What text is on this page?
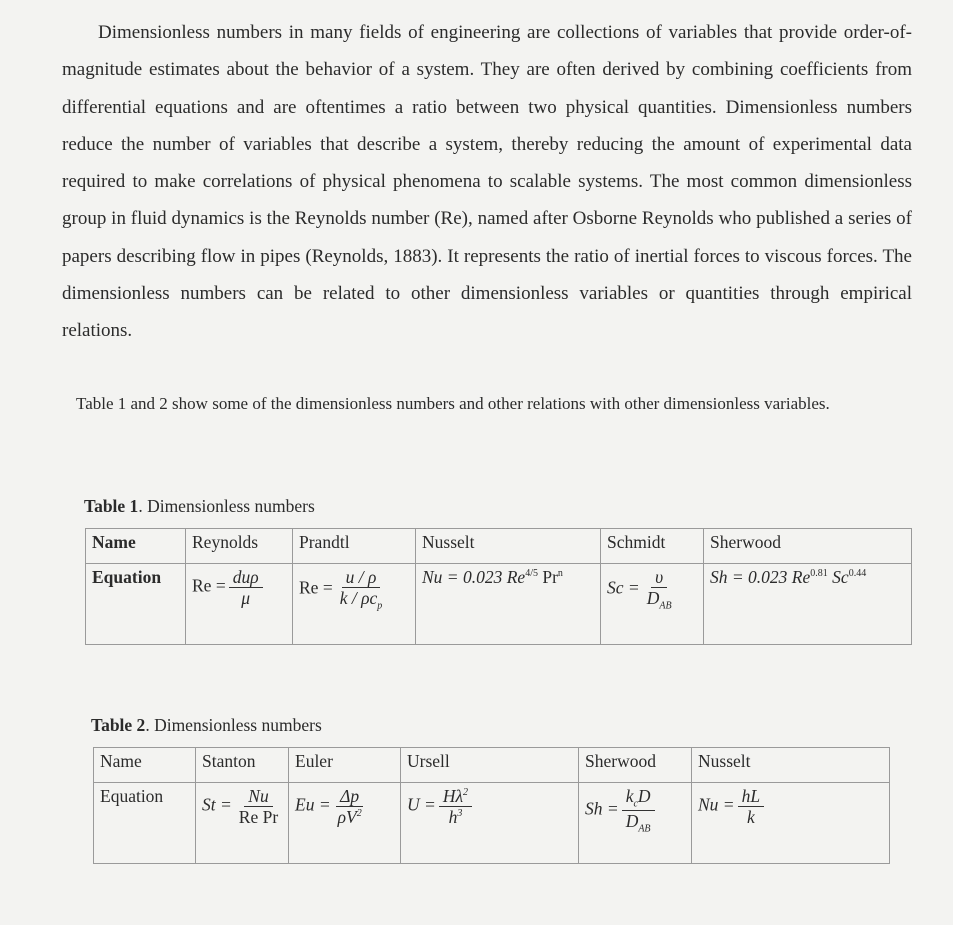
Dimensionless numbers in many fields of engineering are collections of variables that provide order-of-magnitude estimates about the behavior of a system. They are often derived by combining coefficients from differential equations and are oftentimes a ratio between two physical quantities. Dimensionless numbers reduce the number of variables that describe a system, thereby reducing the amount of experimental data required to make correlations of physical phenomena to scalable systems. The most common dimensionless group in fluid dynamics is the Reynolds number (Re), named after Osborne Reynolds who published a series of papers describing flow in pipes (Reynolds, 1883). It represents the ratio of inertial forces to viscous forces. The dimensionless numbers can be related to other dimensionless variables or quantities through empirical relations.
Table 1 and 2 show some of the dimensionless numbers and other relations with other dimensionless variables.
Table 1. Dimensionless numbers
Name	Reynolds	Prandtl	Nusselt	Schmidt	Sherwood
Equation	$Re = \frac{\text{duρ}}{\mu}$	$Re = \frac{u / \rho}{k / \rho c_p}$	Nu = 0.023 $Re^{4/5}$ Pr$^n$	$Sc = \frac{\upsilon}{D_{AB}}$	Sh = 0.023 $Re^{0.81}$ $Sc^{0.44}$
Table 2. Dimensionless numbers
Name	Stanton	Euler	Ursell	Sherwood	Nusselt
Equation	$St = \frac{Nu}{\text{Re Pr}}$	$Eu = \frac{\Delta p}{\rho V^2}$	$U = \frac{H\lambda^2}{h^3}$	$Sh = \frac{k_cD}{D_{AB}}$	$Nu = \frac{hL}{k}$
